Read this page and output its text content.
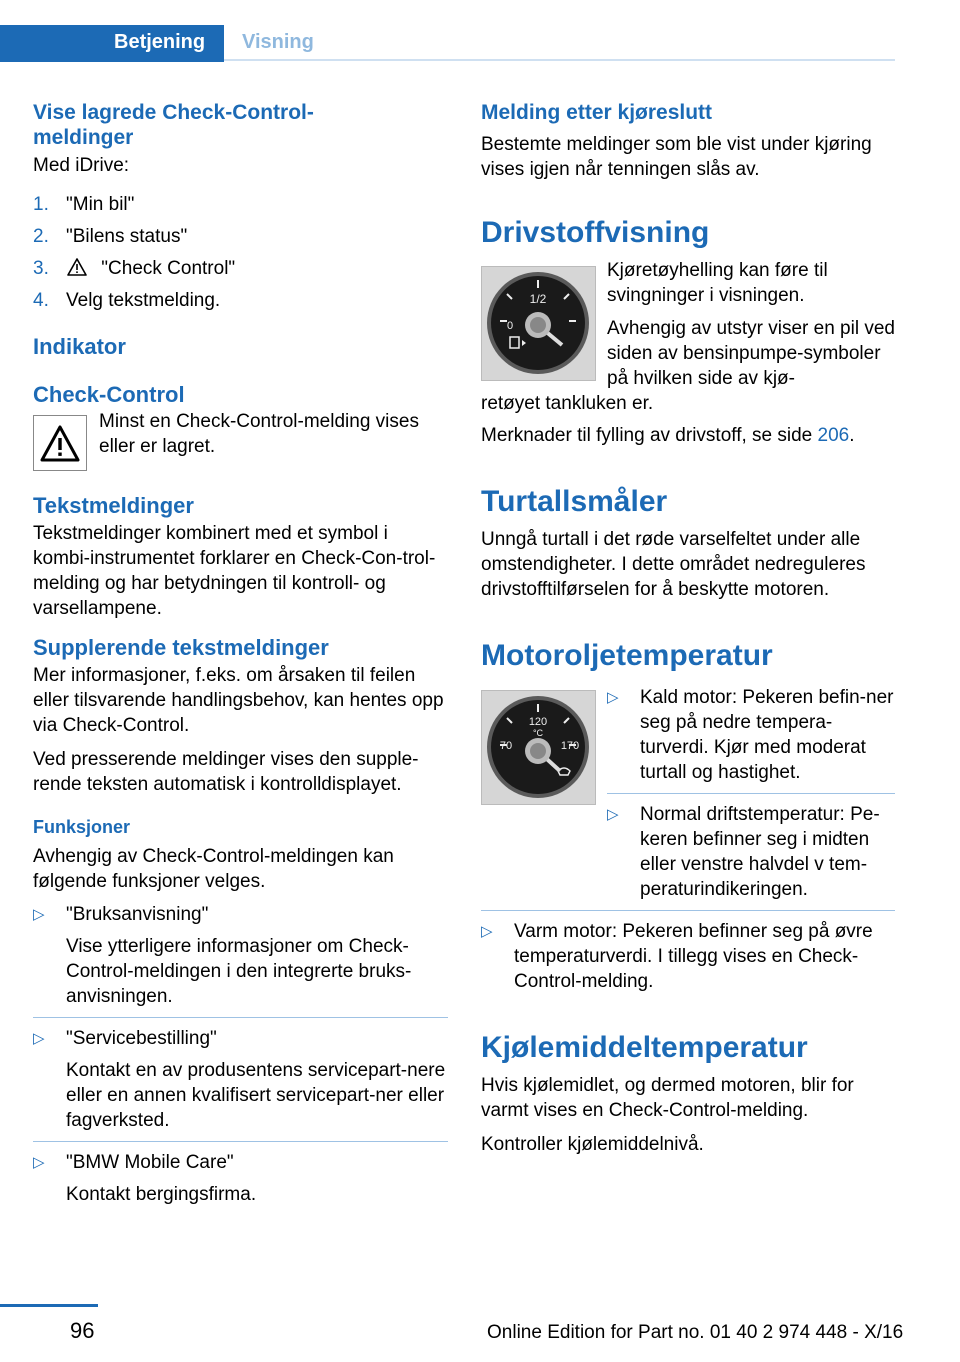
Betjening	Visning
Vise lagrede Check-Control-meldinger

Med iDrive:

1. "Min bil"
2. "Bilens status"
3.	"Check Control"
4. Velg tekstmelding.
Indikator
Check-Control

Minst en Check-Control-melding vises eller er lagret.

Tekstmeldinger

Tekstmeldinger kombinert med et symbol i kombi-instrumentet forklarer en Check-Con-trol-melding og har betydningen til kontroll- og varsellampene.

Supplerende tekstmeldinger

Mer informasjoner, f.eks. om årsaken til feilen eller tilsvarende handlingsbehov, kan hentes opp via Check-Control.

Ved presserende meldinger vises den supple-rende teksten automatisk i kontrolldisplayet.

Funksjoner

Avhengig av Check-Control-meldingen kan følgende funksjoner velges.

▷ "Bruksanvisning"
Vise ytterligere informasjoner om Check-Control-meldingen i den integrerte bruks-anvisningen.
▷ "Servicebestilling"
Kontakt en av produsentens servicepart-nere eller en annen kvalifisert servicepart-ner eller fagverksted.
▷ "BMW Mobile Care"
Kontakt bergingsfirma.
Melding etter kjøreslutt

Bestemte meldinger som ble vist under kjøring vises igjen når tenningen slås av.

Drivstoffvisning
1/2
0

Kjøretøyhelling kan føre til svingninger i visningen.

Avhengig av utstyr viser en pil ved siden av bensinpumpe-symboler på hvilken side av kjø-

retøyet tankluken er.

Merknader til fylling av drivstoff, se side 206.

Turtallsmåler

Unngå turtall i det røde varselfeltet under alle omstendigheter. I dette området nedreguleres drivstofftilførselen for å beskytte motoren.

Motoroljetemperatur
120
°C
70	170
▷ Kald motor: Pekeren befin-ner seg på nedre tempera-turverdi. Kjør med moderat turtall og hastighet.
▷ Normal driftstemperatur: Pe-keren befinner seg i midten eller venstre halvdel v tem-peraturindikeringen.
▷ Varm motor: Pekeren befinner seg på øvre temperaturverdi. I tillegg vises en Check-Control-melding.
Kjølemiddeltemperatur

Hvis kjølemidlet, og dermed motoren, blir for varmt vises en Check-Control-melding.

Kontroller kjølemiddelnivå.

96	Online Edition for Part no. 01 40 2 974 448 - X/16
